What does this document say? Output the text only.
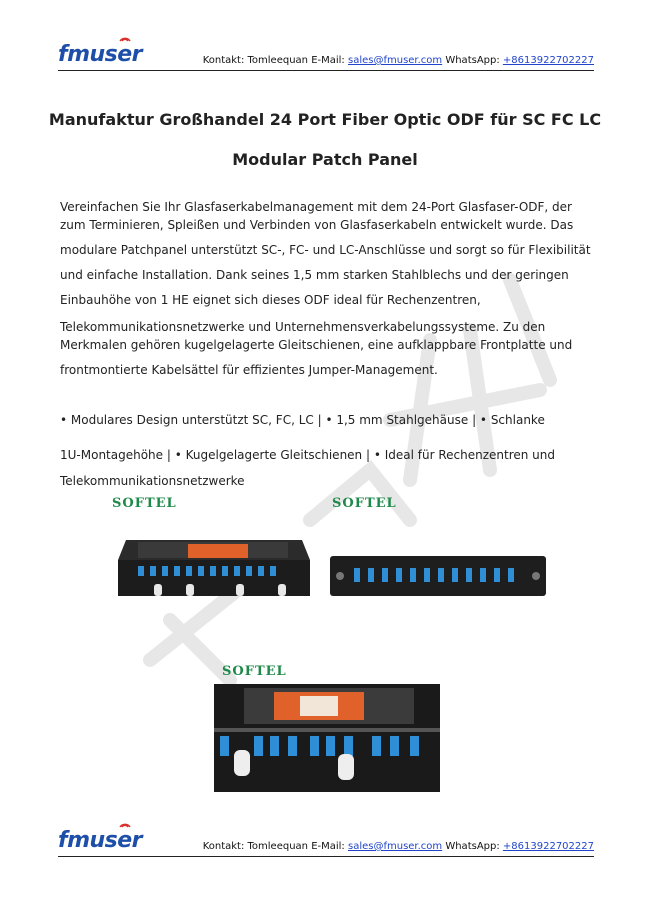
fmuser	Kontakt: Tomleequan E-Mail: sales@fmuser.com WhatsApp: +8613922702227
Manufaktur Großhandel 24 Port Fiber Optic ODF für SC FC LC
Modular Patch Panel
Vereinfachen Sie Ihr Glasfaserkabelmanagement mit dem 24-Port Glasfaser-ODF, der
zum Terminieren, Spleißen und Verbinden von Glasfaserkabeln entwickelt wurde. Das
modulare Patchpanel unterstützt SC-, FC- und LC-Anschlüsse und sorgt so für Flexibilität
und einfache Installation. Dank seines 1,5 mm starken Stahlblechs und der geringen
Einbauhöhe von 1 HE eignet sich dieses ODF ideal für Rechenzentren,
Telekommunikationsnetzwerke und Unternehmensverkabelungssysteme. Zu den
Merkmalen gehören kugelgelagerte Gleitschienen, eine aufklappbare Frontplatte und
frontmontierte Kabelsättel für effizientes Jumper-Management.
• Modulares Design unterstützt SC, FC, LC | • 1,5 mm Stahlgehäuse | • Schlanke
1U-Montagehöhe | • Kugelgelagerte Gleitschienen | • Ideal für Rechenzentren und
Telekommunikationsnetzwerke
SOFTEL	SOFTEL
SOFTEL
fmuser	Kontakt: Tomleequan E-Mail: sales@fmuser.com WhatsApp: +8613922702227
